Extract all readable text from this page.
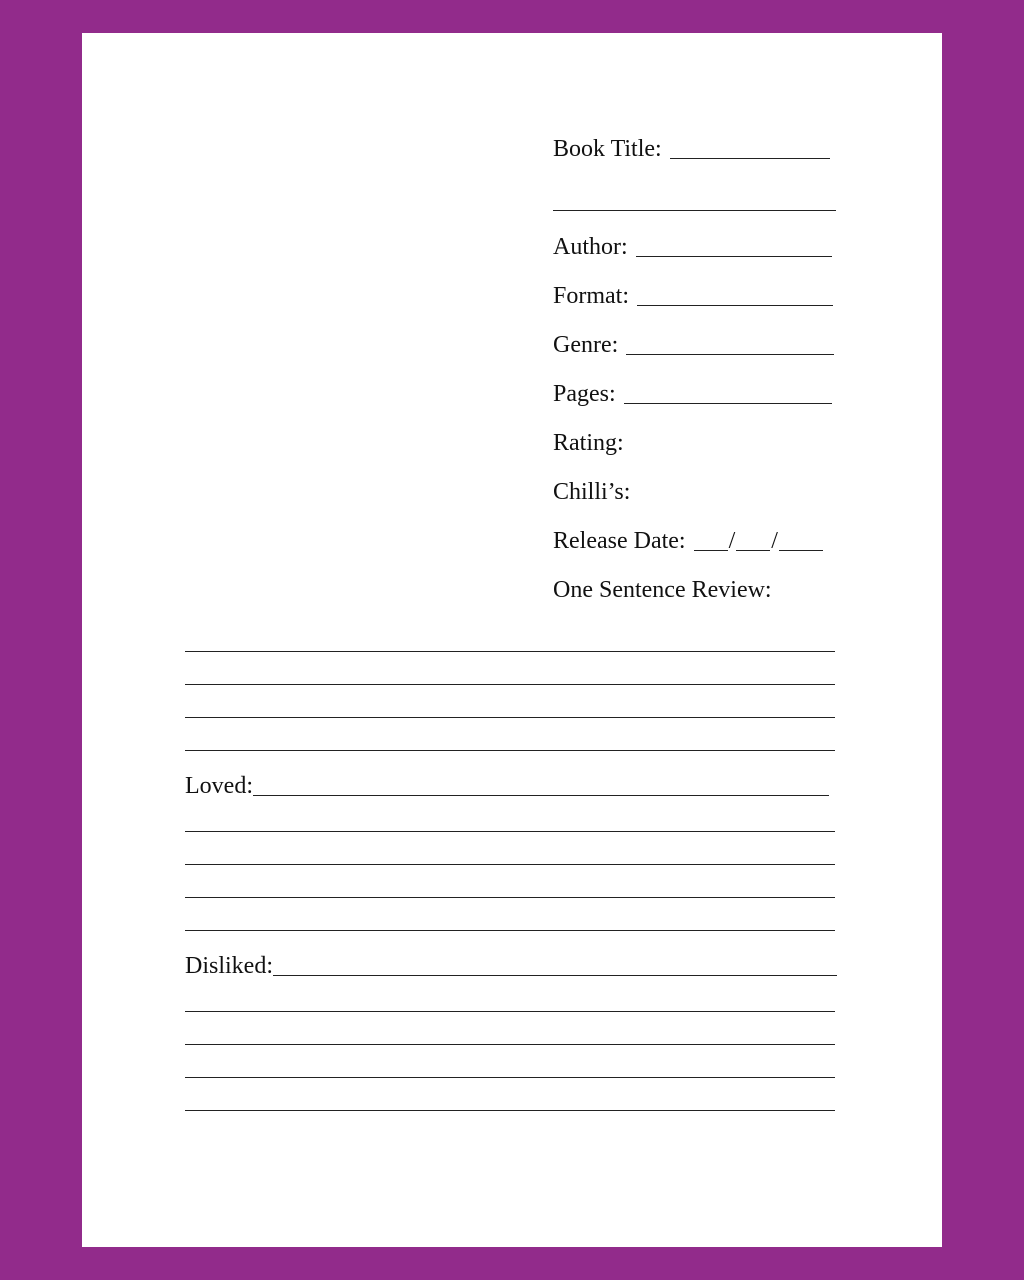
Book Title:
Author:
Format:
Genre:
Pages:
Rating:
Chilli’s:
Release Date: / /
One Sentence Review:
Loved:
Disliked:
